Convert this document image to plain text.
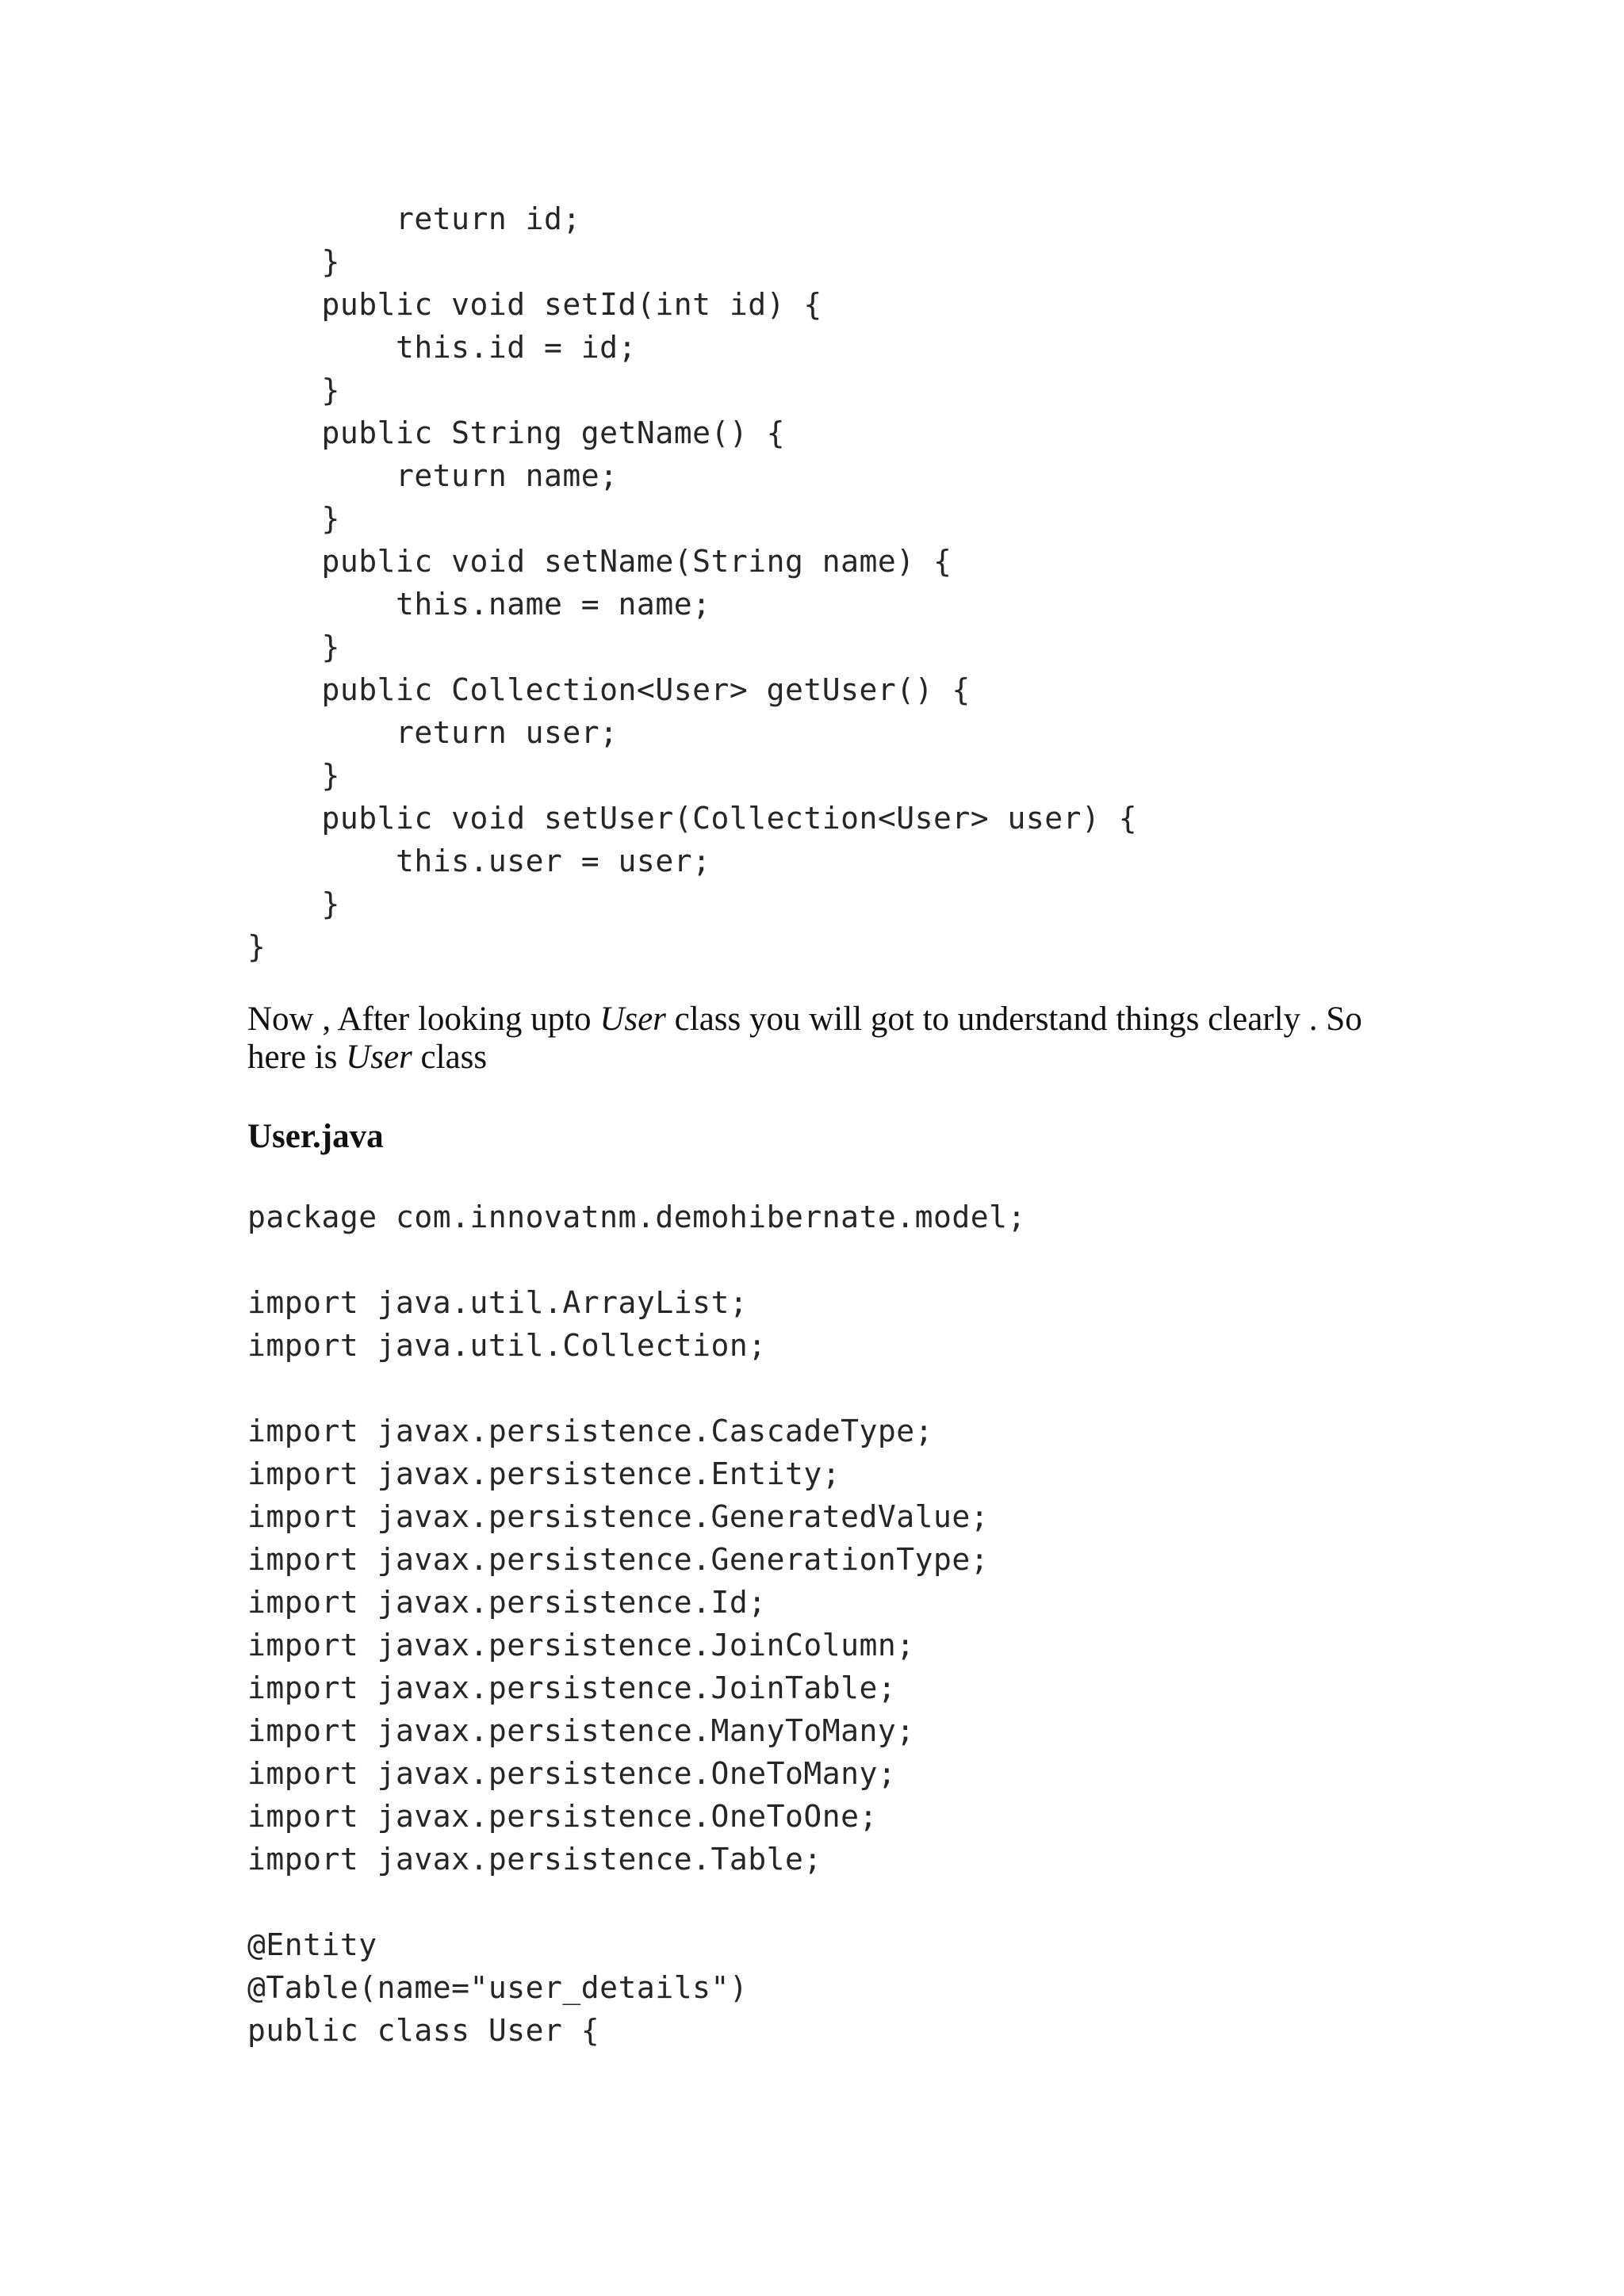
return id;
}
public void setId(int id) {
this.id = id;
}
public String getName() {
return name;
}
public void setName(String name) {
this.name = name;
}
public Collection<User> getUser() {
return user;
}
public void setUser(Collection<User> user) {
this.user = user;
}
}

Now , After looking upto User class you will got to understand things clearly . So here is User class

User.java
package com.innovatnm.demohibernate.model;
import java.util.ArrayList;
import java.util.Collection;
import javax.persistence.CascadeType;
import javax.persistence.Entity;
import javax.persistence.GeneratedValue;
import javax.persistence.GenerationType;
import javax.persistence.Id;
import javax.persistence.JoinColumn;
import javax.persistence.JoinTable;
import javax.persistence.ManyToMany;
import javax.persistence.OneToMany;
import javax.persistence.OneToOne;
import javax.persistence.Table;
@Entity
@Table(name="user_details")
public class User {
